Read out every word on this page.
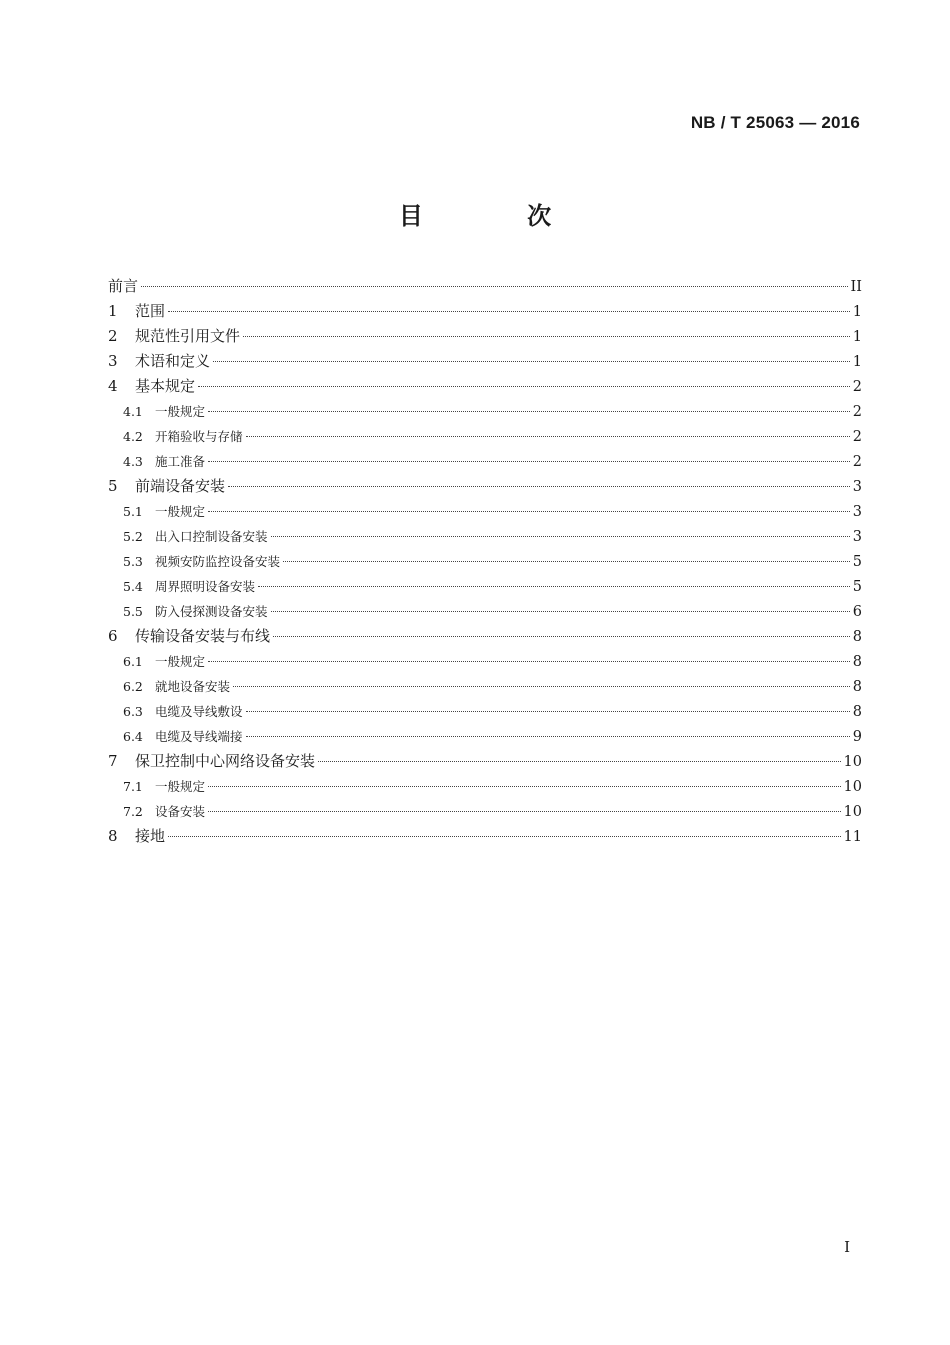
NB / T 25063 — 2016
目 次
前言	II
1	范围	1
2	规范性引用文件	1
3	术语和定义	1
4	基本规定	2
4.1 一般规定	2
4.2 开箱验收与存储	2
4.3 施工准备	2
5	前端设备安装	3
5.1 一般规定	3
5.2 出入口控制设备安装	3
5.3 视频安防监控设备安装	5
5.4 周界照明设备安装	5
5.5 防入侵探测设备安装	6
6	传输设备安装与布线	8
6.1 一般规定	8
6.2 就地设备安装	8
6.3 电缆及导线敷设	8
6.4 电缆及导线端接	9
7	保卫控制中心网络设备安装	10
7.1 一般规定	10
7.2 设备安装	10
8	接地	11
I
